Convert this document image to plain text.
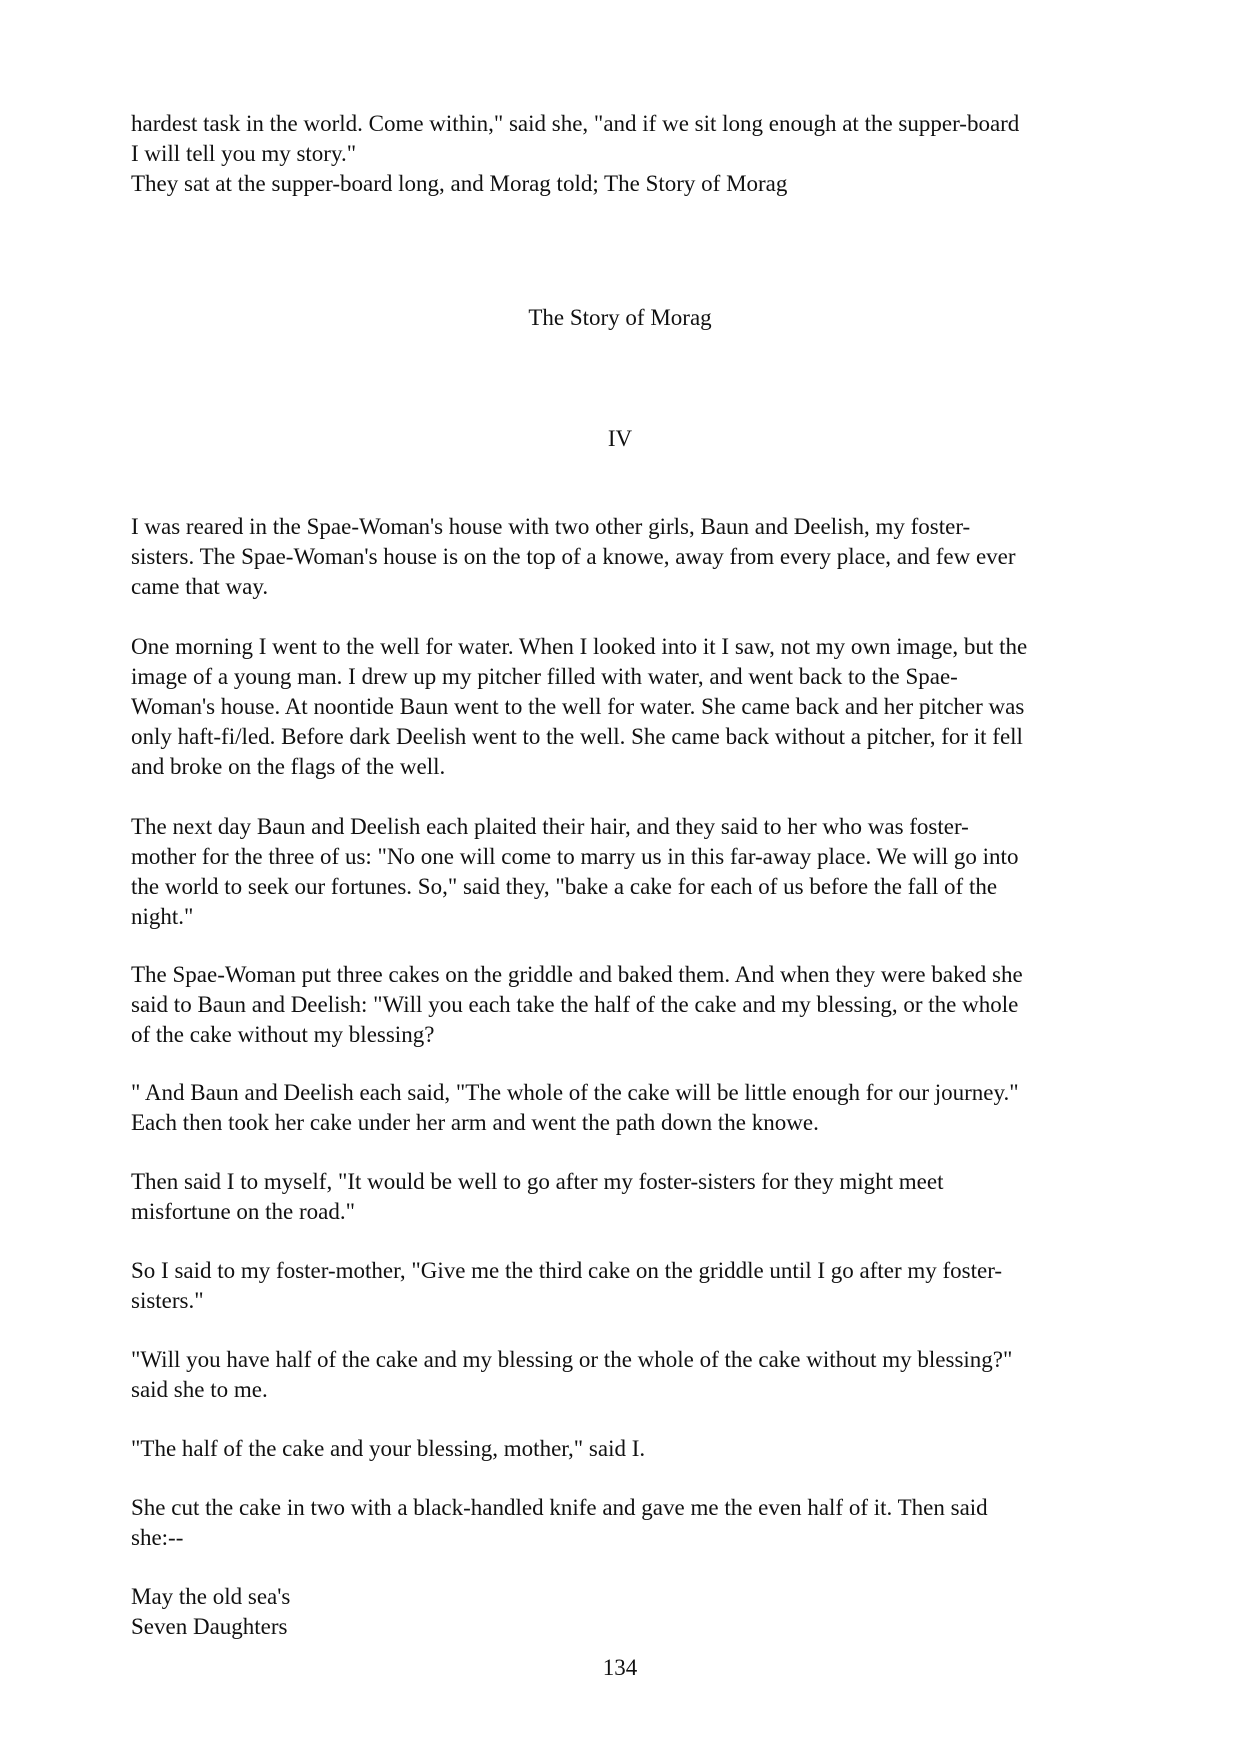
hardest task in the world. Come within," said she, "and if we sit long enough at the supper-board
I will tell you my story."
They sat at the supper-board long, and Morag told; The Story of Morag
The Story of Morag
IV
I was reared in the Spae-Woman's house with two other girls, Baun and Deelish, my foster-
sisters. The Spae-Woman's house is on the top of a knowe, away from every place, and few ever
came that way.
One morning I went to the well for water. When I looked into it I saw, not my own image, but the
image of a young man. I drew up my pitcher filled with water, and went back to the Spae-
Woman's house. At noontide Baun went to the well for water. She came back and her pitcher was
only haft-fi/led. Before dark Deelish went to the well. She came back without a pitcher, for it fell
and broke on the flags of the well.
The next day Baun and Deelish each plaited their hair, and they said to her who was foster-
mother for the three of us: "No one will come to marry us in this far-away place. We will go into
the world to seek our fortunes. So," said they, "bake a cake for each of us before the fall of the
night."
The Spae-Woman put three cakes on the griddle and baked them. And when they were baked she
said to Baun and Deelish: "Will you each take the half of the cake and my blessing, or the whole
of the cake without my blessing?
" And Baun and Deelish each said, "The whole of the cake will be little enough for our journey."
Each then took her cake under her arm and went the path down the knowe.
Then said I to myself, "It would be well to go after my foster-sisters for they might meet
misfortune on the road."
So I said to my foster-mother, "Give me the third cake on the griddle until I go after my foster-
sisters."
"Will you have half of the cake and my blessing or the whole of the cake without my blessing?"
said she to me.
"The half of the cake and your blessing, mother," said I.
She cut the cake in two with a black-handled knife and gave me the even half of it. Then said
she:--
May the old sea's
Seven Daughters
134
